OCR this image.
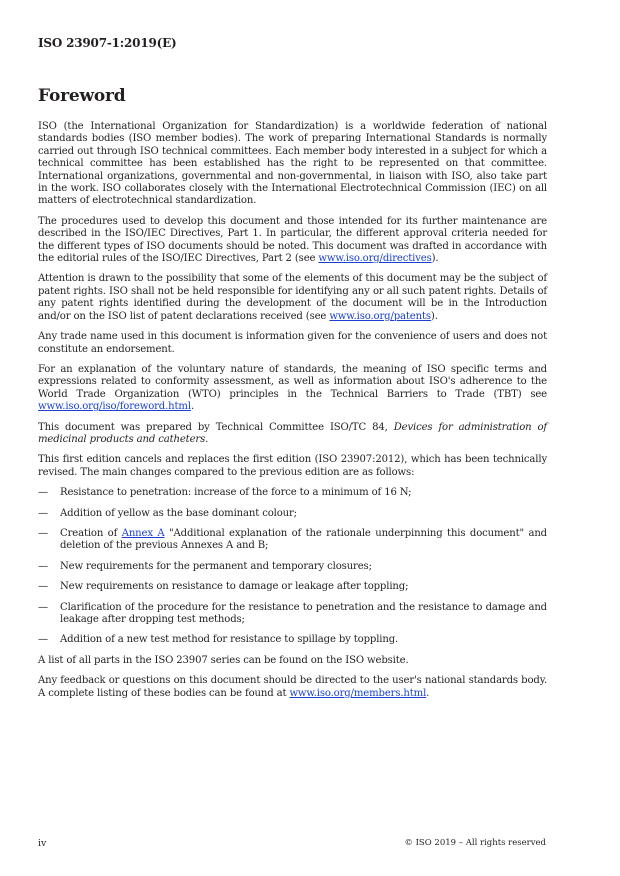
ISO 23907-1:2019(E)
Foreword

ISO (the International Organization for Standardization) is a worldwide federation of national standards bodies (ISO member bodies). The work of preparing International Standards is normally carried out through ISO technical committees. Each member body interested in a subject for which a technical committee has been established has the right to be represented on that committee. International organizations, governmental and non-governmental, in liaison with ISO, also take part in the work. ISO collaborates closely with the International Electrotechnical Commission (IEC) on all matters of electrotechnical standardization.

The procedures used to develop this document and those intended for its further maintenance are described in the ISO/IEC Directives, Part 1. In particular, the different approval criteria needed for the different types of ISO documents should be noted. This document was drafted in accordance with the editorial rules of the ISO/IEC Directives, Part 2 (see www.iso.org/directives).

Attention is drawn to the possibility that some of the elements of this document may be the subject of patent rights. ISO shall not be held responsible for identifying any or all such patent rights. Details of any patent rights identified during the development of the document will be in the Introduction and/or on the ISO list of patent declarations received (see www.iso.org/patents).

Any trade name used in this document is information given for the convenience of users and does not constitute an endorsement.

For an explanation of the voluntary nature of standards, the meaning of ISO specific terms and expressions related to conformity assessment, as well as information about ISO's adherence to the World Trade Organization (WTO) principles in the Technical Barriers to Trade (TBT) see www.iso.org/iso/foreword.html.

This document was prepared by Technical Committee ISO/TC 84, Devices for administration of medicinal products and catheters.

This first edition cancels and replaces the first edition (ISO 23907:2012), which has been technically revised. The main changes compared to the previous edition are as follows:

— Resistance to penetration: increase of the force to a minimum of 16 N;
— Addition of yellow as the base dominant colour;
— Creation of Annex A "Additional explanation of the rationale underpinning this document" and deletion of the previous Annexes A and B;
— New requirements for the permanent and temporary closures;
— New requirements on resistance to damage or leakage after toppling;
— Clarification of the procedure for the resistance to penetration and the resistance to damage and leakage after dropping test methods;
— Addition of a new test method for resistance to spillage by toppling.

A list of all parts in the ISO 23907 series can be found on the ISO website.

Any feedback or questions on this document should be directed to the user's national standards body. A complete listing of these bodies can be found at www.iso.org/members.html.

iv	© ISO 2019 – All rights reserved
